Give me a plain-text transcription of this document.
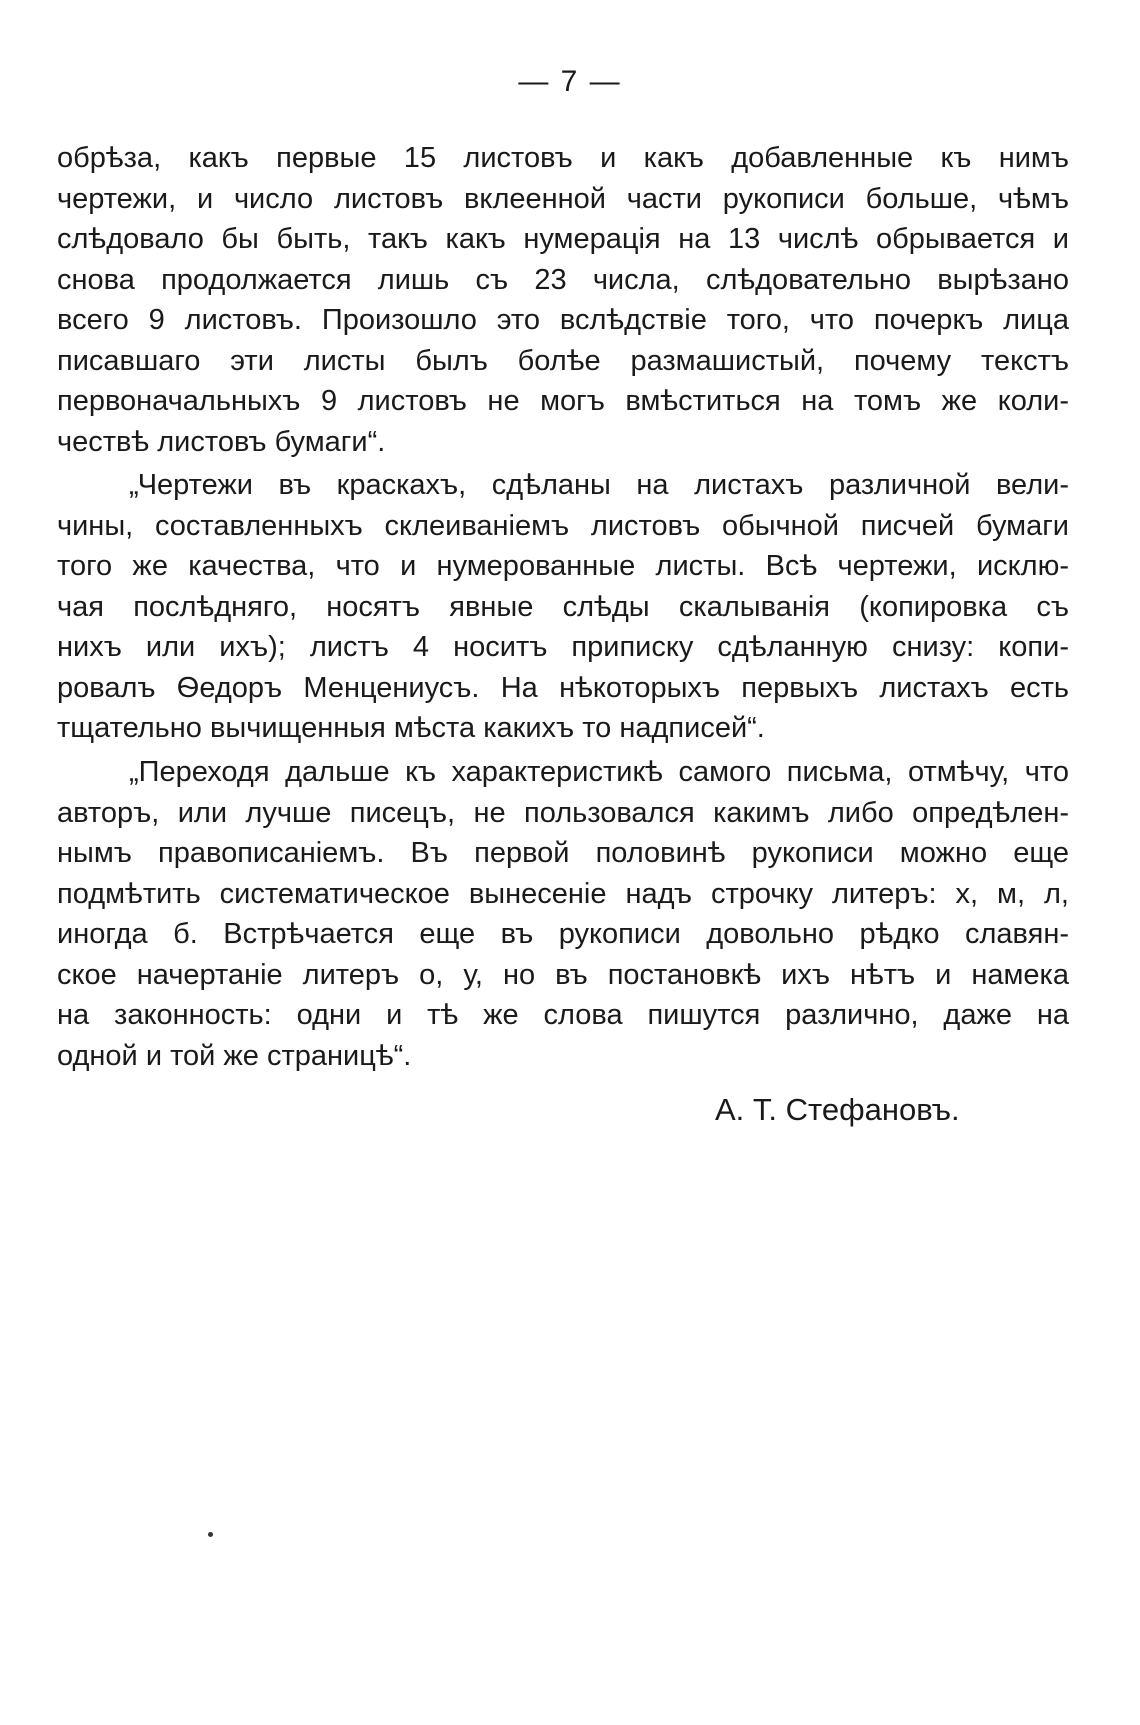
— 7 —
обрѣза, какъ первые 15 листовъ и какъ добавленные къ нимъ
чертежи, и число листовъ вклеенной части рукописи больше, чѣмъ
слѣдовало бы быть, такъ какъ нумерація на 13 числѣ обрывается и
снова продолжается лишь съ 23 числа, слѣдовательно вырѣзано
всего 9 листовъ. Произошло это вслѣдствіе того, что почеркъ лица
писавшаго эти листы былъ болѣе размашистый, почему текстъ
первоначальныхъ 9 листовъ не могъ вмѣститься на томъ же коли-
чествѣ листовъ бумаги“.
„Чертежи въ краскахъ, сдѣланы на листахъ различной вели-
чины, составленныхъ склеиваніемъ листовъ обычной писчей бумаги
того же качества, что и нумерованные листы. Всѣ чертежи, исклю-
чая послѣдняго, носятъ явные слѣды скалыванія (копировка съ
нихъ или ихъ); листъ 4 носитъ приписку сдѣланную снизу: копи-
ровалъ Ѳедоръ Менцениусъ. На нѣкоторыхъ первыхъ листахъ есть
тщательно вычищенныя мѣста какихъ то надписей“.
„Переходя дальше къ характеристикѣ самого письма, отмѣчу, что
авторъ, или лучше писецъ, не пользовался какимъ либо опредѣлен-
нымъ правописаніемъ. Въ первой половинѣ рукописи можно еще
подмѣтить систематическое вынесеніе надъ строчку литеръ: х, м, л,
иногда б. Встрѣчается еще въ рукописи довольно рѣдко славян-
ское начертаніе литеръ о, у, но въ постановкѣ ихъ нѣтъ и намека
на законность: одни и тѣ же слова пишутся различно, даже на
одной и той же страницѣ“.
А. Т. Стефановъ.
